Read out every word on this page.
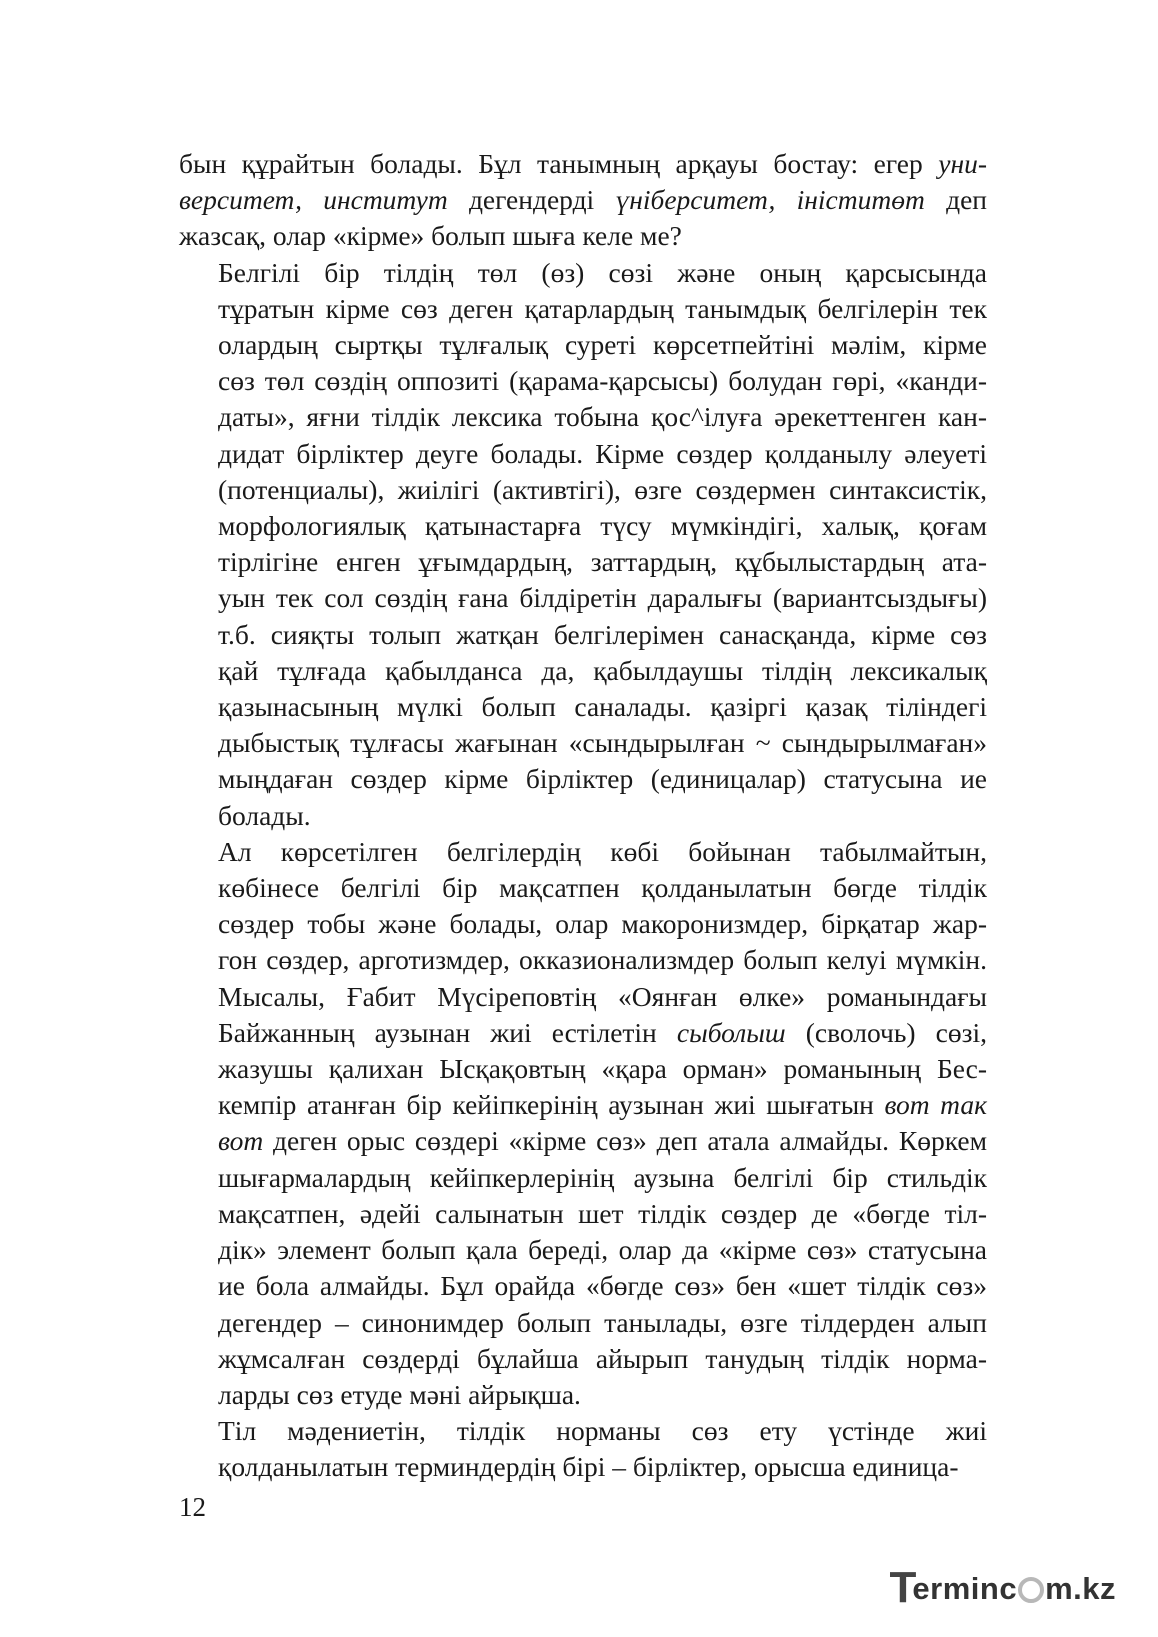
бын құрайтын болады. Бұл танымның арқауы бостау: егер уни-
верситет, институт дегендерді үніберситет, ініститөт деп
жазсақ, олар «кірме» болып шыға келе ме?

Белгілі бір тілдің төл (өз) сөзі және оның қарсысында
тұратын кірме сөз деген қатарлардың танымдық белгілерін тек
олардың сыртқы тұлғалық суреті көрсетпейтіні мәлім, кірме
сөз төл сөздің оппозиті (қарама-қарсысы) болудан гөрі, «канди-
даты», яғни тілдік лексика тобына қос^ілуға әрекеттенген кан-
дидат бірліктер деуге болады. Кірме сөздер қолданылу әлеуеті
(потенциалы), жиілігі (активтігі), өзге сөздермен синтаксистік,
морфологиялық қатынастарға түсу мүмкіндігі, халық, қоғам
тірлігіне енген ұғымдардың, заттардың, құбылыстардың ата-
уын тек сол сөздің ғана білдіретін даралығы (вариантсыздығы)
т.б. сияқты толып жатқан белгілерімен санасқанда, кірме сөз
қай тұлғада қабылданса да, қабылдаушы тілдің лексикалық
қазынасының мүлкі болып саналады. қазіргі қазақ тіліндегі
дыбыстық тұлғасы жағынан «сындырылған ~ сындырылмаған»
мыңдаған сөздер кірме бірліктер (единицалар) статусына ие
болады.

Ал көрсетілген белгілердің көбі бойынан табылмайтын,
көбінесе белгілі бір мақсатпен қолданылатын бөгде тілдік
сөздер тобы және болады, олар макоронизмдер, бірқатар жар-
гон сөздер, арготизмдер, окказионализмдер болып келуі мүмкін.
Мысалы, Ғабит Мүсіреповтің «Оянған өлке» романындағы
Байжанның аузынан жиі естілетін сыболыш (сволочь) сөзі,
жазушы қалихан Ысқақовтың «қара орман» романының Бес-
кемпір атанған бір кейіпкерінің аузынан жиі шығатын вот так
вот деген орыс сөздері «кірме сөз» деп атала алмайды. Көркем
шығармалардың кейіпкерлерінің аузына белгілі бір стильдік
мақсатпен, әдейі салынатын шет тілдік сөздер де «бөгде тіл-
дік» элемент болып қала береді, олар да «кірме сөз» статусына
ие бола алмайды. Бұл орайда «бөгде сөз» бен «шет тілдік сөз»
дегендер – синонимдер болып танылады, өзге тілдерден алып
жұмсалған сөздерді бұлайша айырып танудың тілдік норма-
ларды сөз етуде мәні айрықша.

Тіл мәдениетін, тілдік норманы сөз ету үстінде жиі
қолданылатын терминдердің бірі – бірліктер, орысша единица-

12
T
erminc m.kz
